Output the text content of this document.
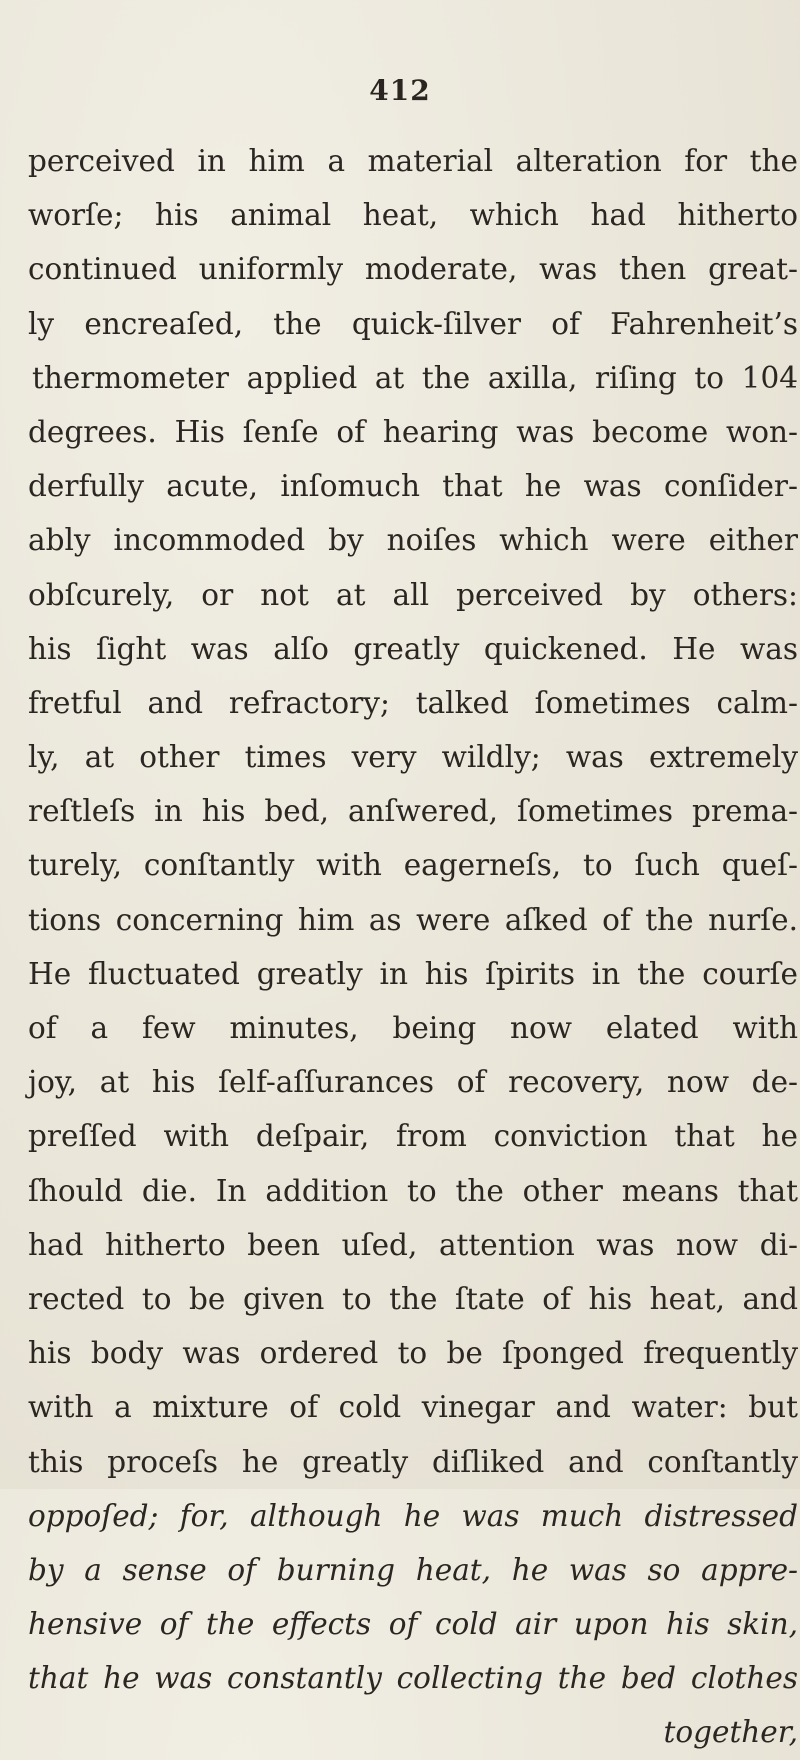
412
perceived in him a material alteration for the
worſe; his animal heat, which had hitherto
continued uniformly moderate, was then great-
ly encreaſed, the quick-ſilver of Fahrenheit’s
thermometer applied at the axilla, riſing to 104
degrees. His ſenſe of hearing was become won-
derfully acute, inſomuch that he was conſider-
ably incommoded by noiſes which were either
obſcurely, or not at all perceived by others:
his ſight was alſo greatly quickened. He was
fretful and refractory; talked ſometimes calm-
ly, at other times very wildly; was extremely
reſtleſs in his bed, anſwered, ſometimes prema-
turely, conſtantly with eagerneſs, to ſuch queſ-
tions concerning him as were aſked of the nurſe.
He fluctuated greatly in his ſpirits in the courſe
of a few minutes, being now elated with
joy, at his ſelf-aſſurances of recovery, now de-
preſſed with deſpair, from conviction that he
ſhould die. In addition to the other means that
had hitherto been uſed, attention was now di-
rected to be given to the ſtate of his heat, and
his body was ordered to be ſponged frequently
with a mixture of cold vinegar and water: but
this proceſs he greatly diſliked and conſtantly
oppoſed; for, although he was much distressed
by a sense of burning heat, he was so appre-
hensive of the effects of cold air upon his skin,
that he was constantly collecting the bed clothes
together,
